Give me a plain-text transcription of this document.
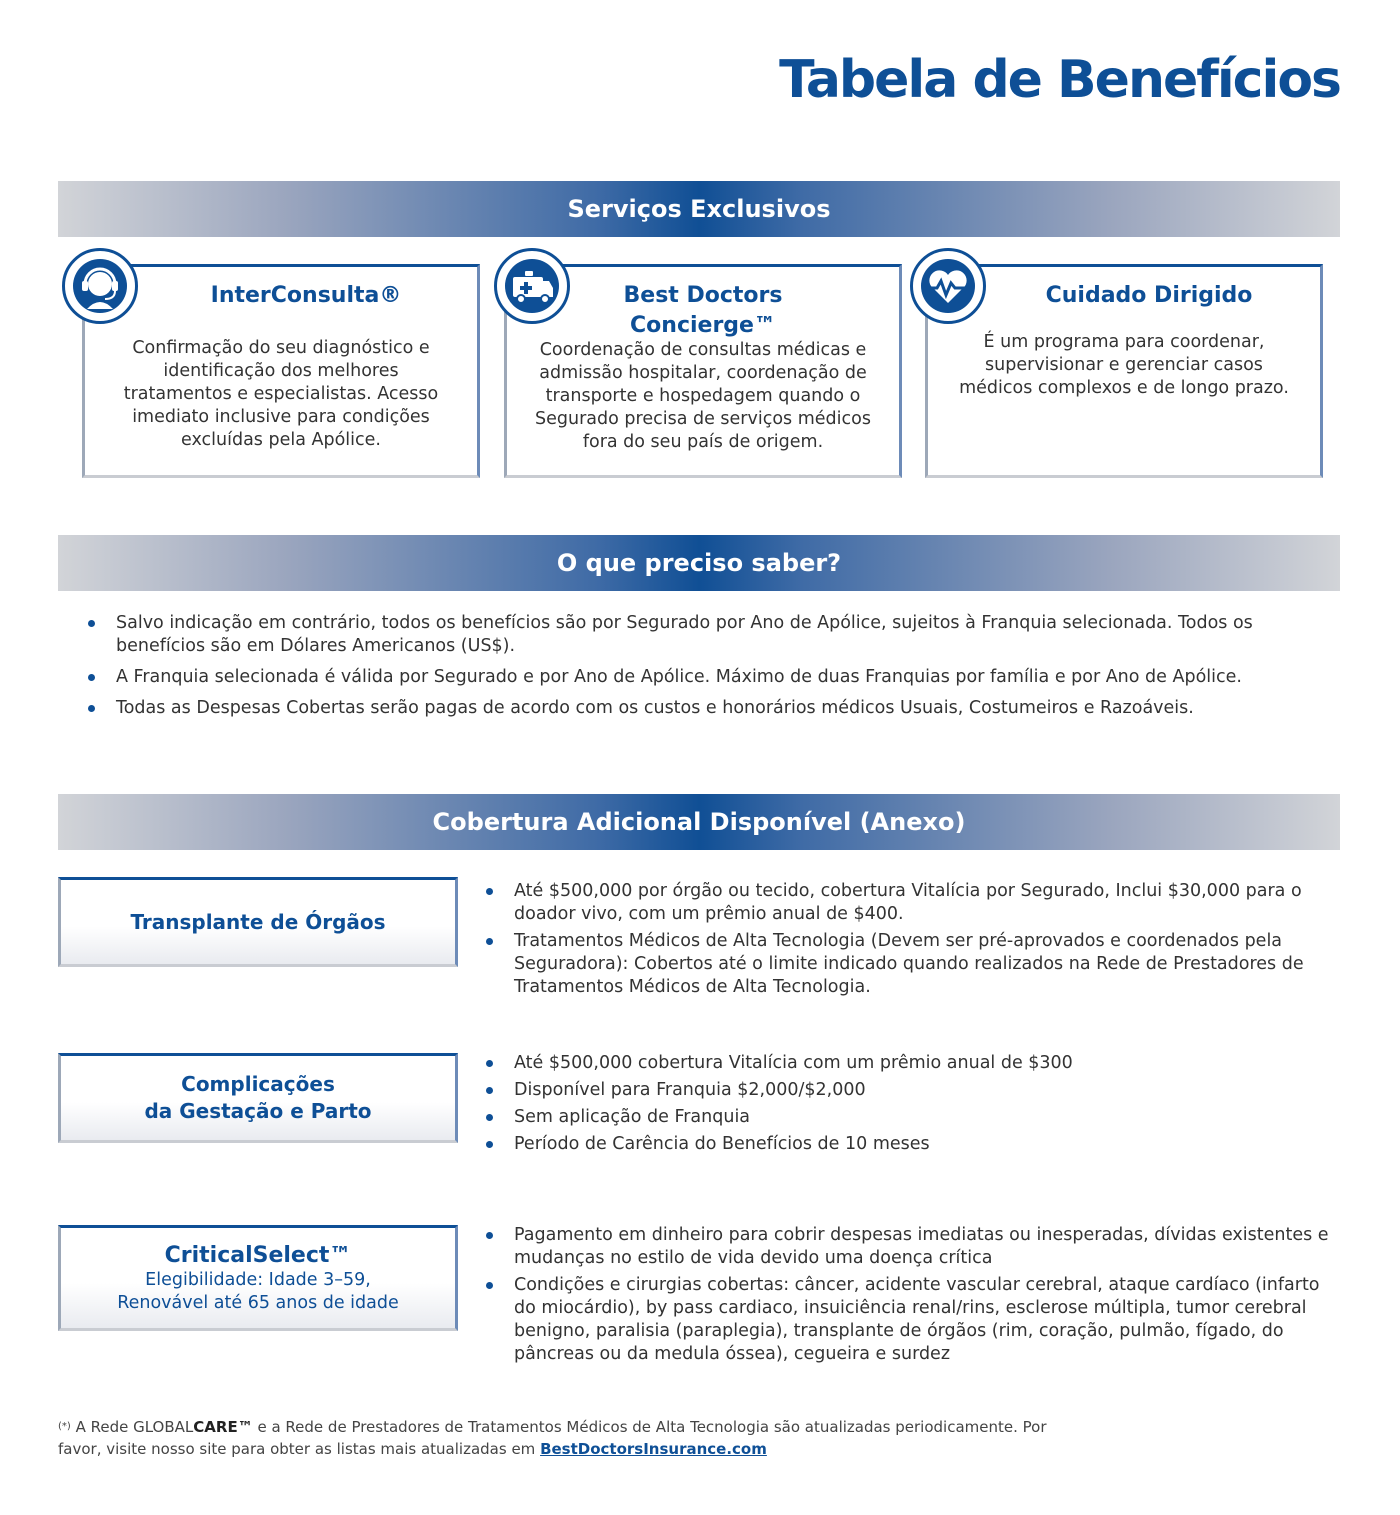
Tabela de Benefícios
Serviços Exclusivos
InterConsulta®
Confirmação do seu diagnóstico e identificação dos melhores tratamentos e especialistas. Acesso imediato inclusive para condições excluídas pela Apólice.
Best Doctors Concierge™
Coordenação de consultas médicas e admissão hospitalar, coordenação de transporte e hospedagem quando o Segurado precisa de serviços médicos fora do seu país de origem.
Cuidado Dirigido
É um programa para coordenar, supervisionar e gerenciar casos médicos complexos e de longo prazo.
O que preciso saber?
Salvo indicação em contrário, todos os benefícios são por Segurado por Ano de Apólice, sujeitos à Franquia selecionada. Todos os benefícios são em Dólares Americanos (US$).
A Franquia selecionada é válida por Segurado e por Ano de Apólice. Máximo de duas Franquias por família e por Ano de Apólice.
Todas as Despesas Cobertas serão pagas de acordo com os custos e honorários médicos Usuais, Costumeiros e Razoáveis.
Cobertura Adicional Disponível (Anexo)
Transplante de Órgãos
Até $500,000 por órgão ou tecido, cobertura Vitalícia por Segurado, Inclui $30,000 para o doador vivo, com um prêmio anual de $400.
Tratamentos Médicos de Alta Tecnologia (Devem ser pré-aprovados e coordenados pela Seguradora): Cobertos até o limite indicado quando realizados na Rede de Prestadores de Tratamentos Médicos de Alta Tecnologia.
Complicações
da Gestação e Parto
Até $500,000 cobertura Vitalícia com um prêmio anual de $300
Disponível para Franquia $2,000/$2,000
Sem aplicação de Franquia
Período de Carência do Benefícios de 10 meses
CriticalSelect™
Elegibilidade: Idade 3–59,
Renovável até 65 anos de idade
Pagamento em dinheiro para cobrir despesas imediatas ou inesperadas, dívidas existentes e mudanças no estilo de vida devido uma doença crítica
Condições e cirurgias cobertas: câncer, acidente vascular cerebral, ataque cardíaco (infarto do miocárdio), by pass cardiaco, insuiciência renal/rins, esclerose múltipla, tumor cerebral benigno, paralisia (paraplegia), transplante de órgãos (rim, coração, pulmão, fígado, do pâncreas ou da medula óssea), cegueira e surdez

(*) A Rede GLOBALCARE™ e a Rede de Prestadores de Tratamentos Médicos de Alta Tecnologia são atualizadas periodicamente. Por favor, visite nosso site para obter as listas mais atualizadas em BestDoctorsInsurance.com
